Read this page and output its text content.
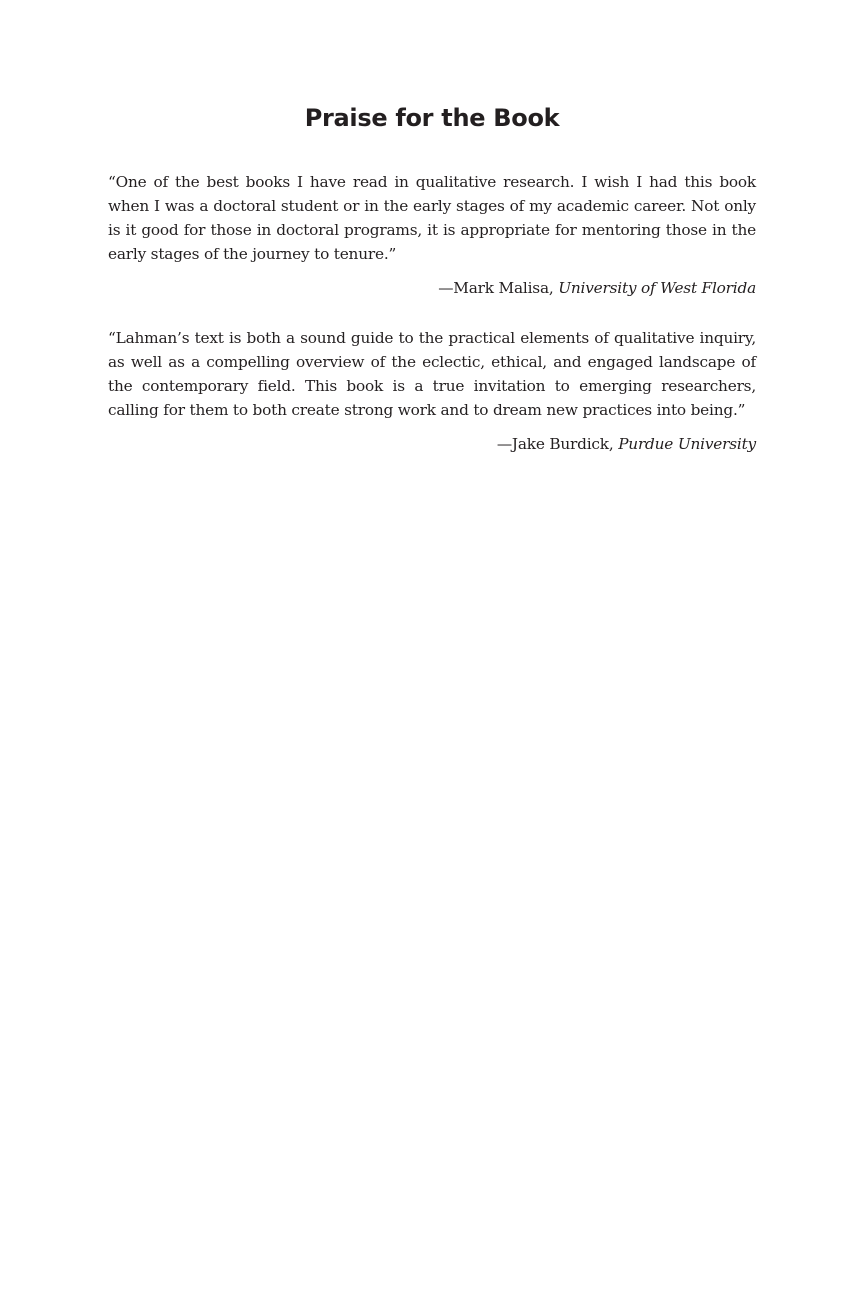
Praise for the Book

“One of the best books I have read in qualitative research. I wish I had this book when I was a doctoral student or in the early stages of my academic career. Not only is it good for those in doctoral programs, it is appropriate for mentoring those in the early stages of the journey to tenure.”

—Mark Malisa, University of West Florida

“Lahman’s text is both a sound guide to the practical elements of qualitative inquiry, as well as a compelling overview of the eclectic, ethical, and engaged landscape of the contemporary field. This book is a true invitation to emerging researchers, calling for them to both create strong work and to dream new practices into being.”

—Jake Burdick, Purdue University
